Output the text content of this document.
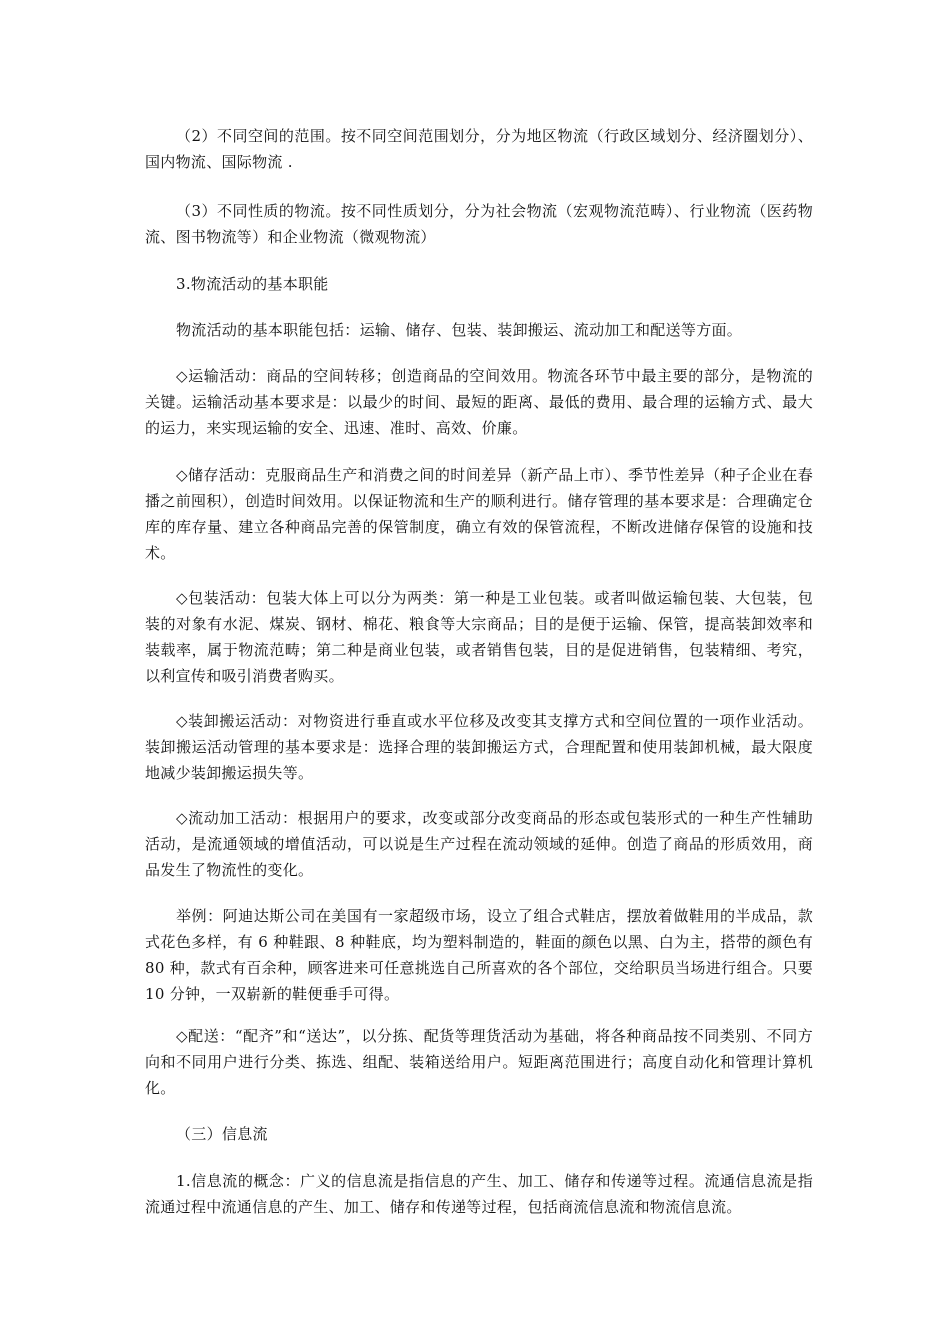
（2）不同空间的范围。按不同空间范围划分，分为地区物流（行政区域划分、经济圈划分）、国内物流、国际物流 .

（3）不同性质的物流。按不同性质划分，分为社会物流（宏观物流范畴）、行业物流（医药物流、图书物流等）和企业物流（微观物流）

3.物流活动的基本职能

物流活动的基本职能包括：运输、储存、包装、装卸搬运、流动加工和配送等方面。

◇运输活动：商品的空间转移；创造商品的空间效用。物流各环节中最主要的部分，是物流的关键。运输活动基本要求是：以最少的时间、最短的距离、最低的费用、最合理的运输方式、最大的运力，来实现运输的安全、迅速、准时、高效、价廉。

◇储存活动：克服商品生产和消费之间的时间差异（新产品上市）、季节性差异（种子企业在春播之前囤积），创造时间效用。以保证物流和生产的顺利进行。储存管理的基本要求是：合理确定仓库的库存量、建立各种商品完善的保管制度，确立有效的保管流程，不断改进储存保管的设施和技术。

◇包装活动：包装大体上可以分为两类：第一种是工业包装。或者叫做运输包装、大包装，包装的对象有水泥、煤炭、钢材、棉花、粮食等大宗商品；目的是便于运输、保管，提高装卸效率和装载率，属于物流范畴；第二种是商业包装，或者销售包装，目的是促进销售，包装精细、考究，以利宣传和吸引消费者购买。

◇装卸搬运活动：对物资进行垂直或水平位移及改变其支撑方式和空间位置的一项作业活动。装卸搬运活动管理的基本要求是：选择合理的装卸搬运方式，合理配置和使用装卸机械，最大限度地减少装卸搬运损失等。

◇流动加工活动：根据用户的要求，改变或部分改变商品的形态或包装形式的一种生产性辅助活动，是流通领域的增值活动，可以说是生产过程在流动领域的延伸。创造了商品的形质效用，商品发生了物流性的变化。

举例：阿迪达斯公司在美国有一家超级市场，设立了组合式鞋店，摆放着做鞋用的半成品，款式花色多样，有 6 种鞋跟、8 种鞋底，均为塑料制造的，鞋面的颜色以黑、白为主，搭带的颜色有 80 种，款式有百余种，顾客进来可任意挑选自己所喜欢的各个部位，交给职员当场进行组合。只要 10 分钟，一双崭新的鞋便垂手可得。

◇配送：“配齐”和“送达”，以分拣、配货等理货活动为基础，将各种商品按不同类别、不同方向和不同用户进行分类、拣选、组配、装箱送给用户。短距离范围进行；高度自动化和管理计算机化。

（三）信息流

1.信息流的概念：广义的信息流是指信息的产生、加工、储存和传递等过程。流通信息流是指流通过程中流通信息的产生、加工、储存和传递等过程，包括商流信息流和物流信息流。
